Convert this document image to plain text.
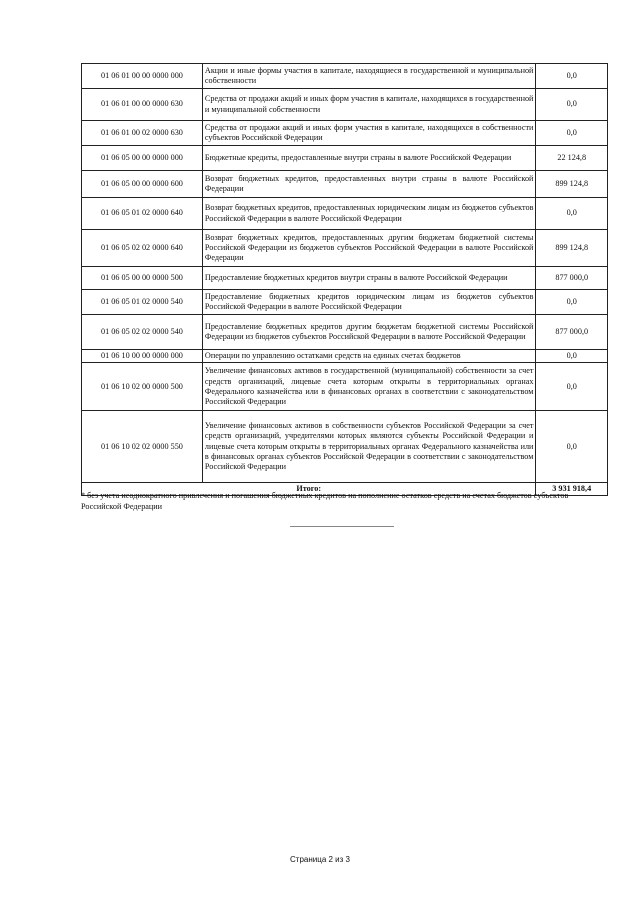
01 06 01 00 00 0000 000	Акции и иные формы участия в капитале, находящиеся в государственной и муниципальной собственности	0,0
01 06 01 00 00 0000 630	Средства от продажи акций и иных форм участия в капитале, находящихся в государственной и муниципальной собственности	0,0
01 06 01 00 02 0000 630	Средства от продажи акций и иных форм участия в капитале, находящихся в собственности субъектов Российской Федерации	0,0
01 06 05 00 00 0000 000	Бюджетные кредиты, предоставленные внутри страны в валюте Российской Федерации	22 124,8
01 06 05 00 00 0000 600	Возврат бюджетных кредитов, предоставленных внутри страны в валюте Российской Федерации	899 124,8
01 06 05 01 02 0000 640	Возврат бюджетных кредитов, предоставленных юридическим лицам из бюджетов субъектов Российской Федерации в валюте Российской Федерации	0,0
01 06 05 02 02 0000 640	Возврат бюджетных кредитов, предоставленных другим бюджетам бюджетной системы Российской Федерации из бюджетов субъектов Российской Федерации в валюте Российской Федерации	899 124,8
01 06 05 00 00 0000 500	Предоставление бюджетных кредитов внутри страны в валюте Российской Федерации	877 000,0
01 06 05 01 02 0000 540	Предоставление бюджетных кредитов юридическим лицам из бюджетов субъектов Российской Федерации в валюте Российской Федерации	0,0
01 06 05 02 02 0000 540	Предоставление бюджетных кредитов другим бюджетам бюджетной системы Российской Федерации из бюджетов субъектов Российской Федерации в валюте Российской Федерации	877 000,0
01 06 10 00 00 0000 000	Операции по управлению остатками средств на единых счетах бюджетов	0,0
01 06 10 02 00 0000 500	Увеличение финансовых активов в государственной (муниципальной) собственности за счет средств организаций, лицевые счета которым открыты в территориальных органах Федерального казначейства или в финансовых органах в соответствии с законодательством Российской Федерации	0,0
01 06 10 02 02 0000 550	Увеличение финансовых активов в собственности субъектов Российской Федерации за счет средств организаций, учредителями которых являются субъекты Российской Федерации и лицевые счета которым открыты в территориальных органах Федерального казначейства или в финансовых органах субъектов Российской Федерации в соответствии с законодательством Российской Федерации	0,0
Итого:		3 931 918,4
* без учета неоднократного привлечения и погашения бюджетных кредитов на пополнение остатков средств на счетах бюджетов субъектов Российской Федерации
Страница 2 из 3
